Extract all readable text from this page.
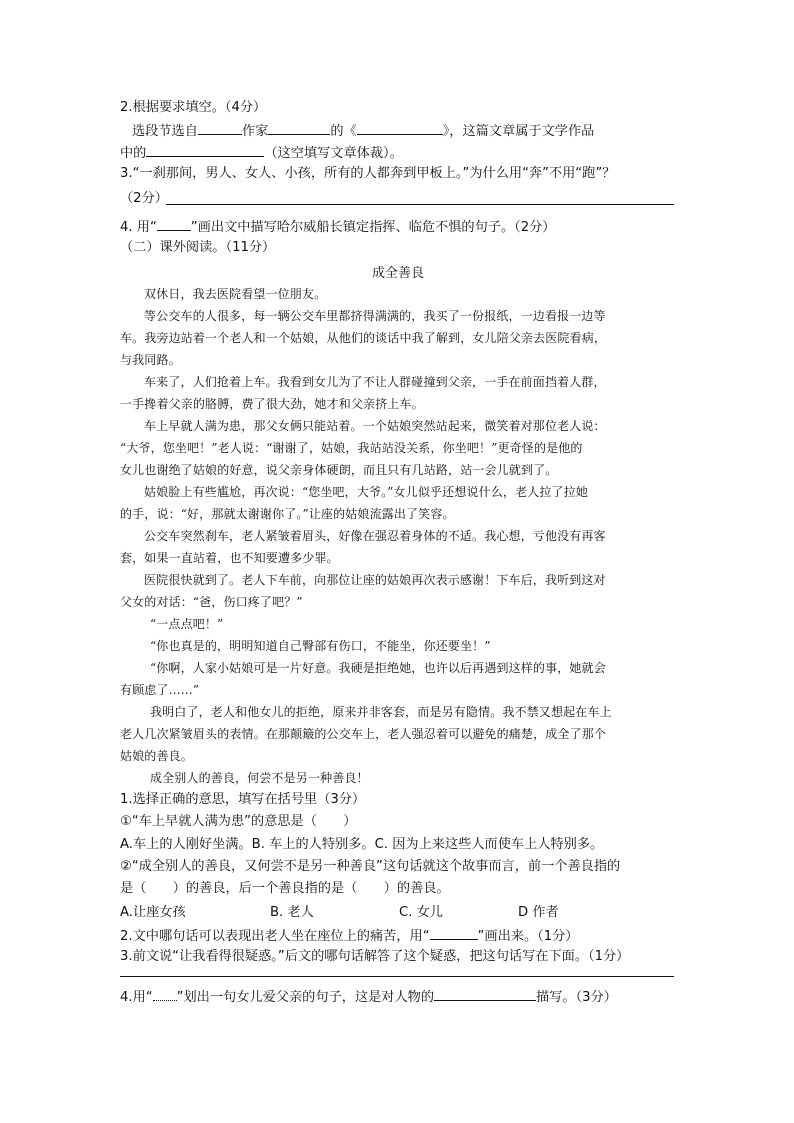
2.根据要求填空。（4分）
选段节选自	作家	的《	》，这篇文章属于文学作品
中的	（这空填写文章体裁）。
3.“一刹那间，男人、女人、小孩，所有的人都奔到甲板上。”为什么用“奔”不用“跑”？
（2分）
4. 用“	”画出文中描写哈尔威船长镇定指挥、临危不惧的句子。（2分）
（二）课外阅读。（11分）
成全善良
双休日，我去医院看望一位朋友。
等公交车的人很多，每一辆公交车里都挤得满满的，我买了一份报纸，一边看报一边等
车。我旁边站着一个老人和一个姑娘，从他们的谈话中我了解到，女儿陪父亲去医院看病，
与我同路。
车来了，人们抢着上车。我看到女儿为了不让人群碰撞到父亲，一手在前面挡着人群，
一手搀着父亲的胳膊，费了很大劲，她才和父亲挤上车。
车上早就人满为患，那父女俩只能站着。一个姑娘突然站起来，微笑着对那位老人说：
“大爷，您坐吧！”老人说：“谢谢了，姑娘，我站站没关系，你坐吧！”更奇怪的是他的
女儿也谢绝了姑娘的好意，说父亲身体硬朗，而且只有几站路，站一会儿就到了。
姑娘脸上有些尴尬，再次说：“您坐吧，大爷。”女儿似乎还想说什么，老人拉了拉她
的手，说：“好，那就太谢谢你了。”让座的姑娘流露出了笑容。
公交车突然刹车，老人紧皱着眉头，好像在强忍着身体的不适。我心想，亏他没有再客
套，如果一直站着，也不知要遭多少罪。
医院很快就到了。老人下车前，向那位让座的姑娘再次表示感谢！下车后，我听到这对
父女的对话：“爸，伤口疼了吧？”
“一点点吧！”
“你也真是的，明明知道自己臀部有伤口，不能坐，你还要坐！”
“你啊，人家小姑娘可是一片好意。我硬是拒绝她，也许以后再遇到这样的事，她就会
有顾虑了……”
我明白了，老人和他女儿的拒绝，原来并非客套，而是另有隐情。我不禁又想起在车上
老人几次紧皱眉头的表情。在那颠簸的公交车上，老人强忍着可以避免的痛楚，成全了那个
姑娘的善良。
成全别人的善良，何尝不是另一种善良！
1.选择正确的意思，填写在括号里（3分）
①“车上早就人满为患”的意思是（　　）
A.车上的人刚好坐满。B. 车上的人特别多。C. 因为上来这些人而使车上人特别多。
②“成全别人的善良，又何尝不是另一种善良”这句话就这个故事而言，前一个善良指的
是（　　）的善良，后一个善良指的是（　　）的善良。
A.让座女孩	B. 老人	C. 女儿	D 作者
2.文中哪句话可以表现出老人坐在座位上的痛苦，用“	”画出来。（1分）
3.前文说“让我看得很疑惑。”后文的哪句话解答了这个疑惑，把这句话写在下面。（1分）
4.用“ ”划出一句女儿爱父亲的句子，这是对人物的	描写。（3分）
